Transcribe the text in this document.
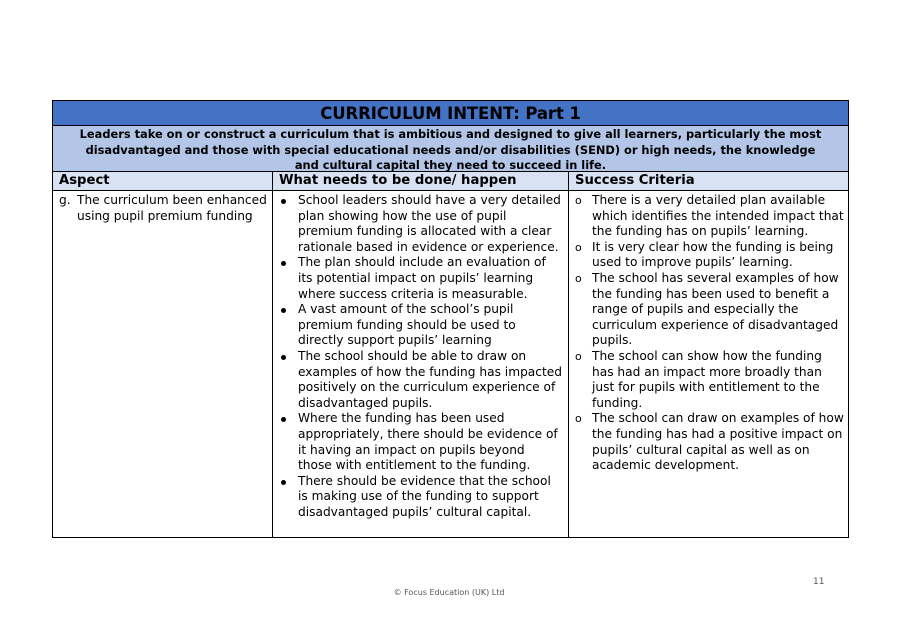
CURRICULUM INTENT: Part 1
Leaders take on or construct a curriculum that is ambitious and designed to give all learners, particularly the most disadvantaged and those with special educational needs and/or disabilities (SEND) or high needs, the knowledge and cultural capital they need to succeed in life.
Aspect	What needs to be done/ happen	Success Criteria
g. The curriculum been enhanced using pupil premium funding
School leaders should have a very detailed plan showing how the use of pupil premium funding is allocated with a clear rationale based in evidence or experience.
The plan should include an evaluation of its potential impact on pupils’ learning where success criteria is measurable.
A vast amount of the school’s pupil premium funding should be used to directly support pupils’ learning
The school should be able to draw on examples of how the funding has impacted positively on the curriculum experience of disadvantaged pupils.
Where the funding has been used appropriately, there should be evidence of it having an impact on pupils beyond those with entitlement to the funding.
There should be evidence that the school is making use of the funding to support disadvantaged pupils’ cultural capital.
o There is a very detailed plan available which identifies the intended impact that the funding has on pupils’ learning.
o It is very clear how the funding is being used to improve pupils’ learning.
o The school has several examples of how the funding has been used to benefit a range of pupils and especially the curriculum experience of disadvantaged pupils.
o The school can show how the funding has had an impact more broadly than just for pupils with entitlement to the funding.
o The school can draw on examples of how the funding has had a positive impact on pupils’ cultural capital as well as on academic development.
11
© Focus Education (UK) Ltd
